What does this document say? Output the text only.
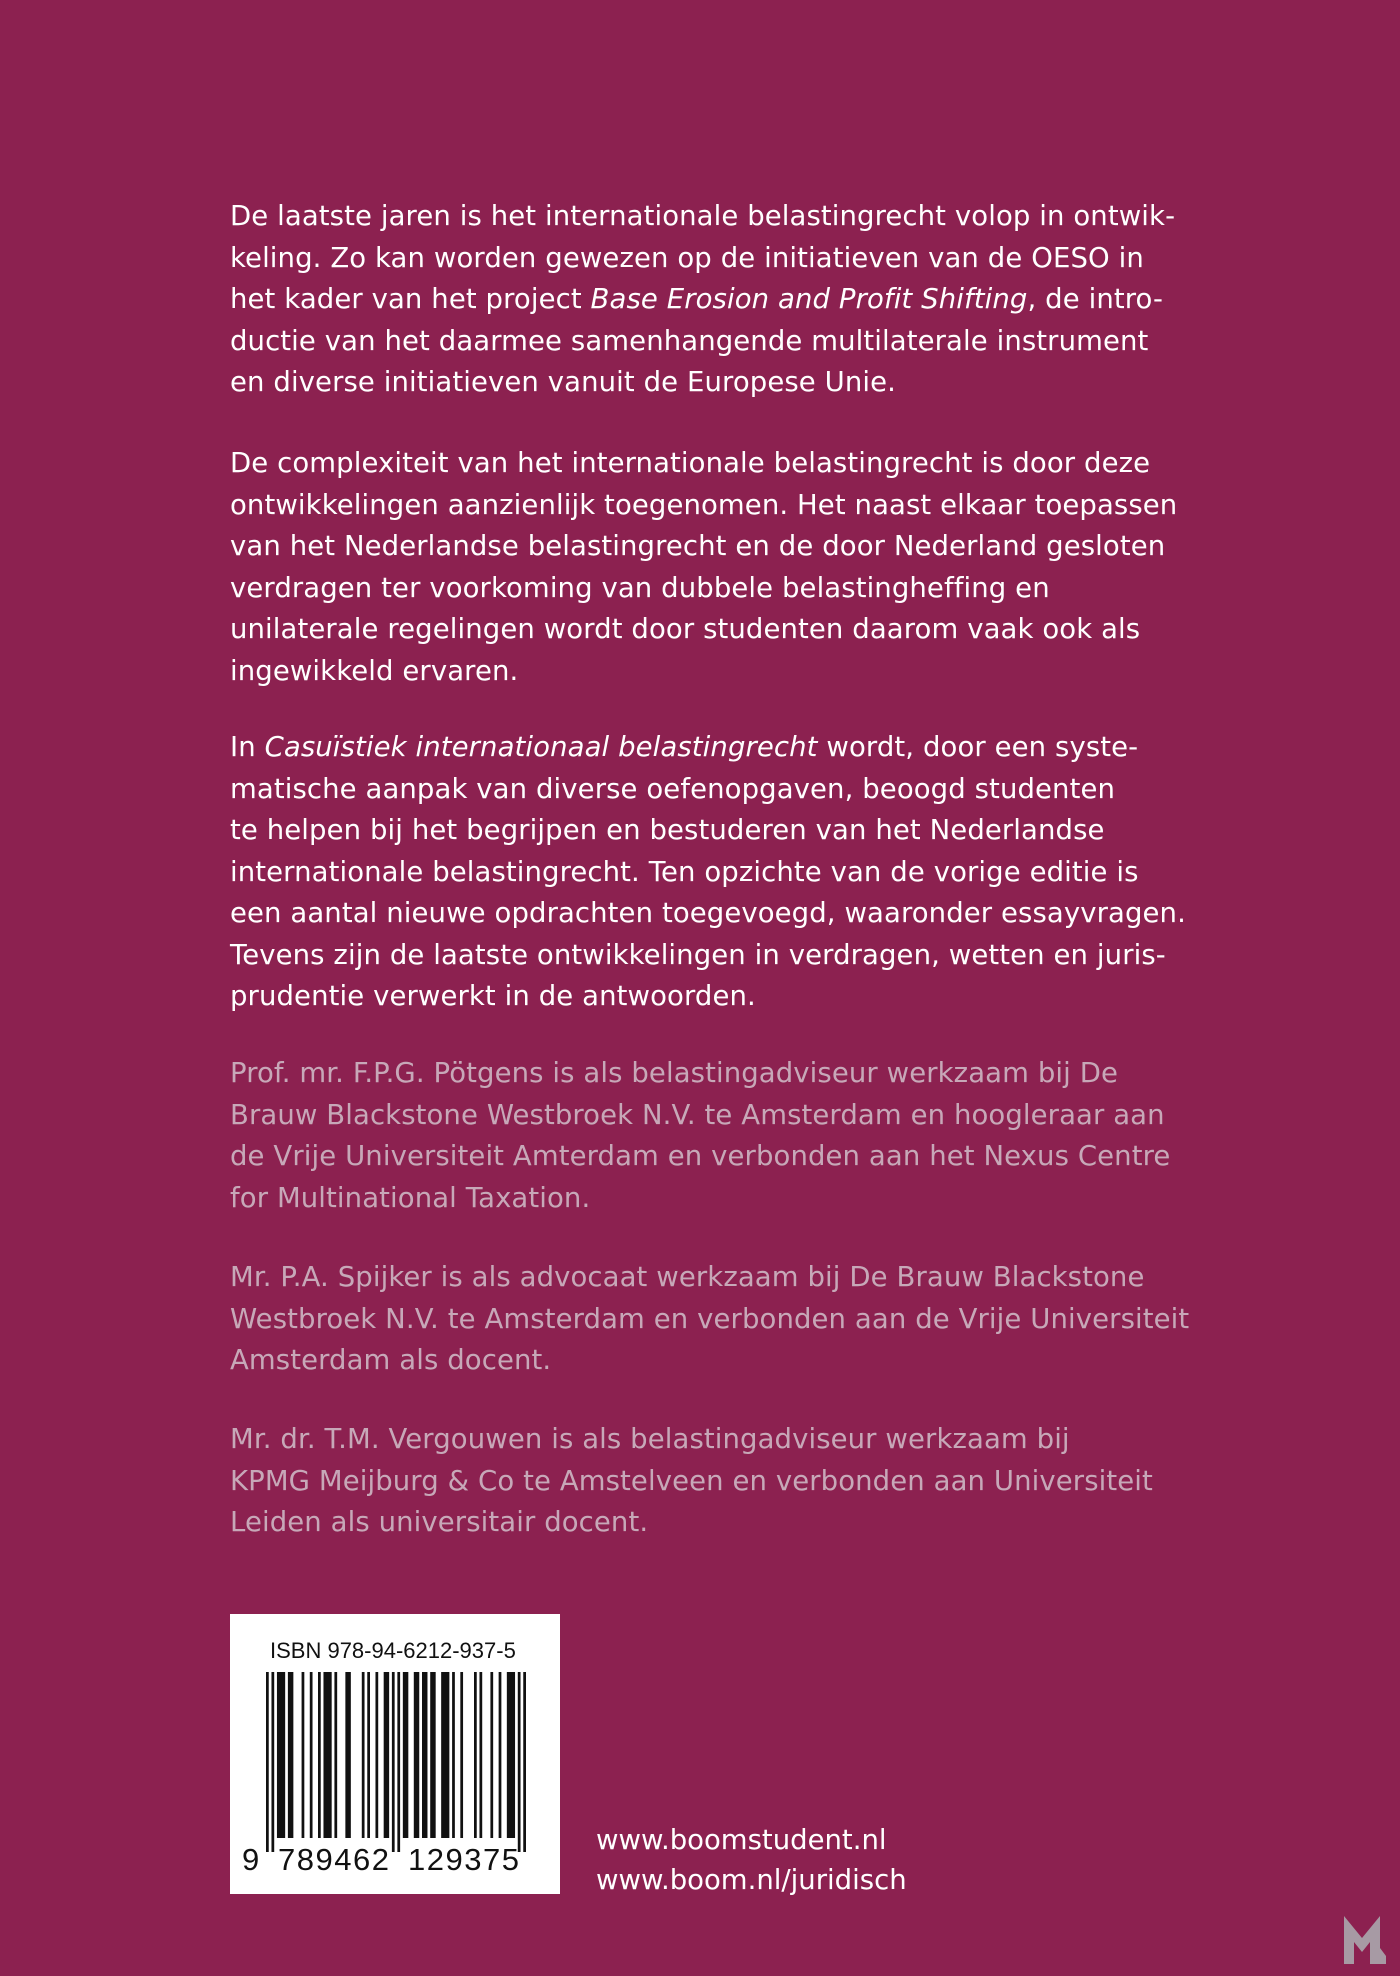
De laatste jaren is het internationale belastingrecht volop in ontwik-
keling. Zo kan worden gewezen op de initiatieven van de OESO in
het kader van het project Base Erosion and Profit Shifting, de intro-
ductie van het daarmee samenhangende multilaterale instrument
en diverse initiatieven vanuit de Europese Unie.

De complexiteit van het internationale belastingrecht is door deze
ontwikkelingen aanzienlijk toegenomen. Het naast elkaar toepassen
van het Nederlandse belastingrecht en de door Nederland gesloten
verdragen ter voorkoming van dubbele belastingheffing en
unilaterale regelingen wordt door studenten daarom vaak ook als
ingewikkeld ervaren.

In Casuïstiek internationaal belastingrecht wordt, door een syste-
matische aanpak van diverse oefenopgaven, beoogd studenten
te helpen bij het begrijpen en bestuderen van het Nederlandse
internationale belastingrecht. Ten opzichte van de vorige editie is
een aantal nieuwe opdrachten toegevoegd, waaronder essayvragen.
Tevens zijn de laatste ontwikkelingen in verdragen, wetten en juris-
prudentie verwerkt in de antwoorden.

Prof. mr. F.P.G. Pötgens is als belastingadviseur werkzaam bij De
Brauw Blackstone Westbroek N.V. te Amsterdam en hoogleraar aan
de Vrije Universiteit Amterdam en verbonden aan het Nexus Centre
for Multinational Taxation.

Mr. P.A. Spijker is als advocaat werkzaam bij De Brauw Blackstone
Westbroek N.V. te Amsterdam en verbonden aan de Vrije Universiteit
Amsterdam als docent.

Mr. dr. T.M. Vergouwen is als belastingadviseur werkzaam bij
KPMG Meijburg & Co te Amstelveen en verbonden aan Universiteit
Leiden als universitair docent.

ISBN 978-94-6212-937-5
9 789462 129375
www.boomstudent.nl
www.boom.nl/juridisch
